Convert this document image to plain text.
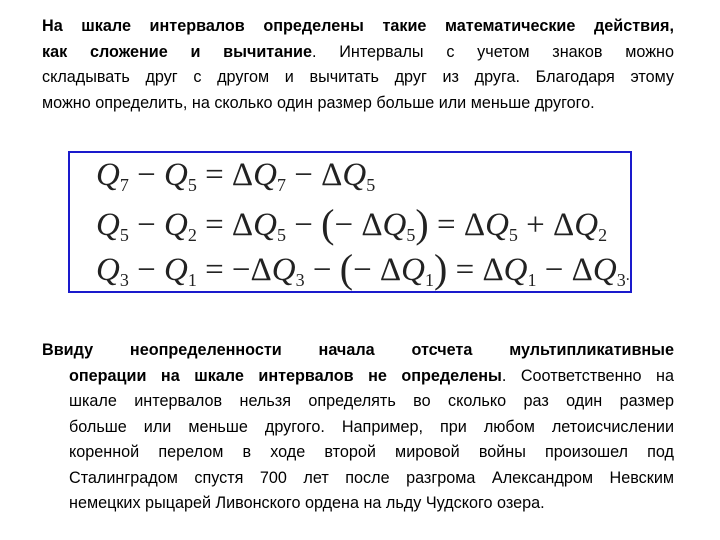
На шкале интервалов определены такие математические действия,
как сложение и вычитание. Интервалы с учетом знаков можно
складывать друг с другом и вычитать друг из друга. Благодаря этому
можно определить, на сколько один размер больше или меньше другого.
$Q_7 - Q_5 = \Delta Q_7 - \Delta Q_5$
$Q_5 - Q_2 = \Delta Q_5$ − (− $\Delta Q_5) = \Delta Q_5 + \Delta Q_2$
$Q_3 - Q_1 = -\Delta Q_3$ − (− $\Delta Q_1) = \Delta Q_1 - \Delta Q_3$.
Ввиду неопределенности начала отсчета мультипликативные
операции на шкале интервалов не определены. Соответственно на
шкале интервалов нельзя определять во сколько раз один размер
больше или меньше другого. Например, при любом летоисчислении
коренной перелом в ходе второй мировой войны произошел под
Сталинградом спустя 700 лет после разгрома Александром Невским
немецких рыцарей Ливонского ордена на льду Чудского озера.
